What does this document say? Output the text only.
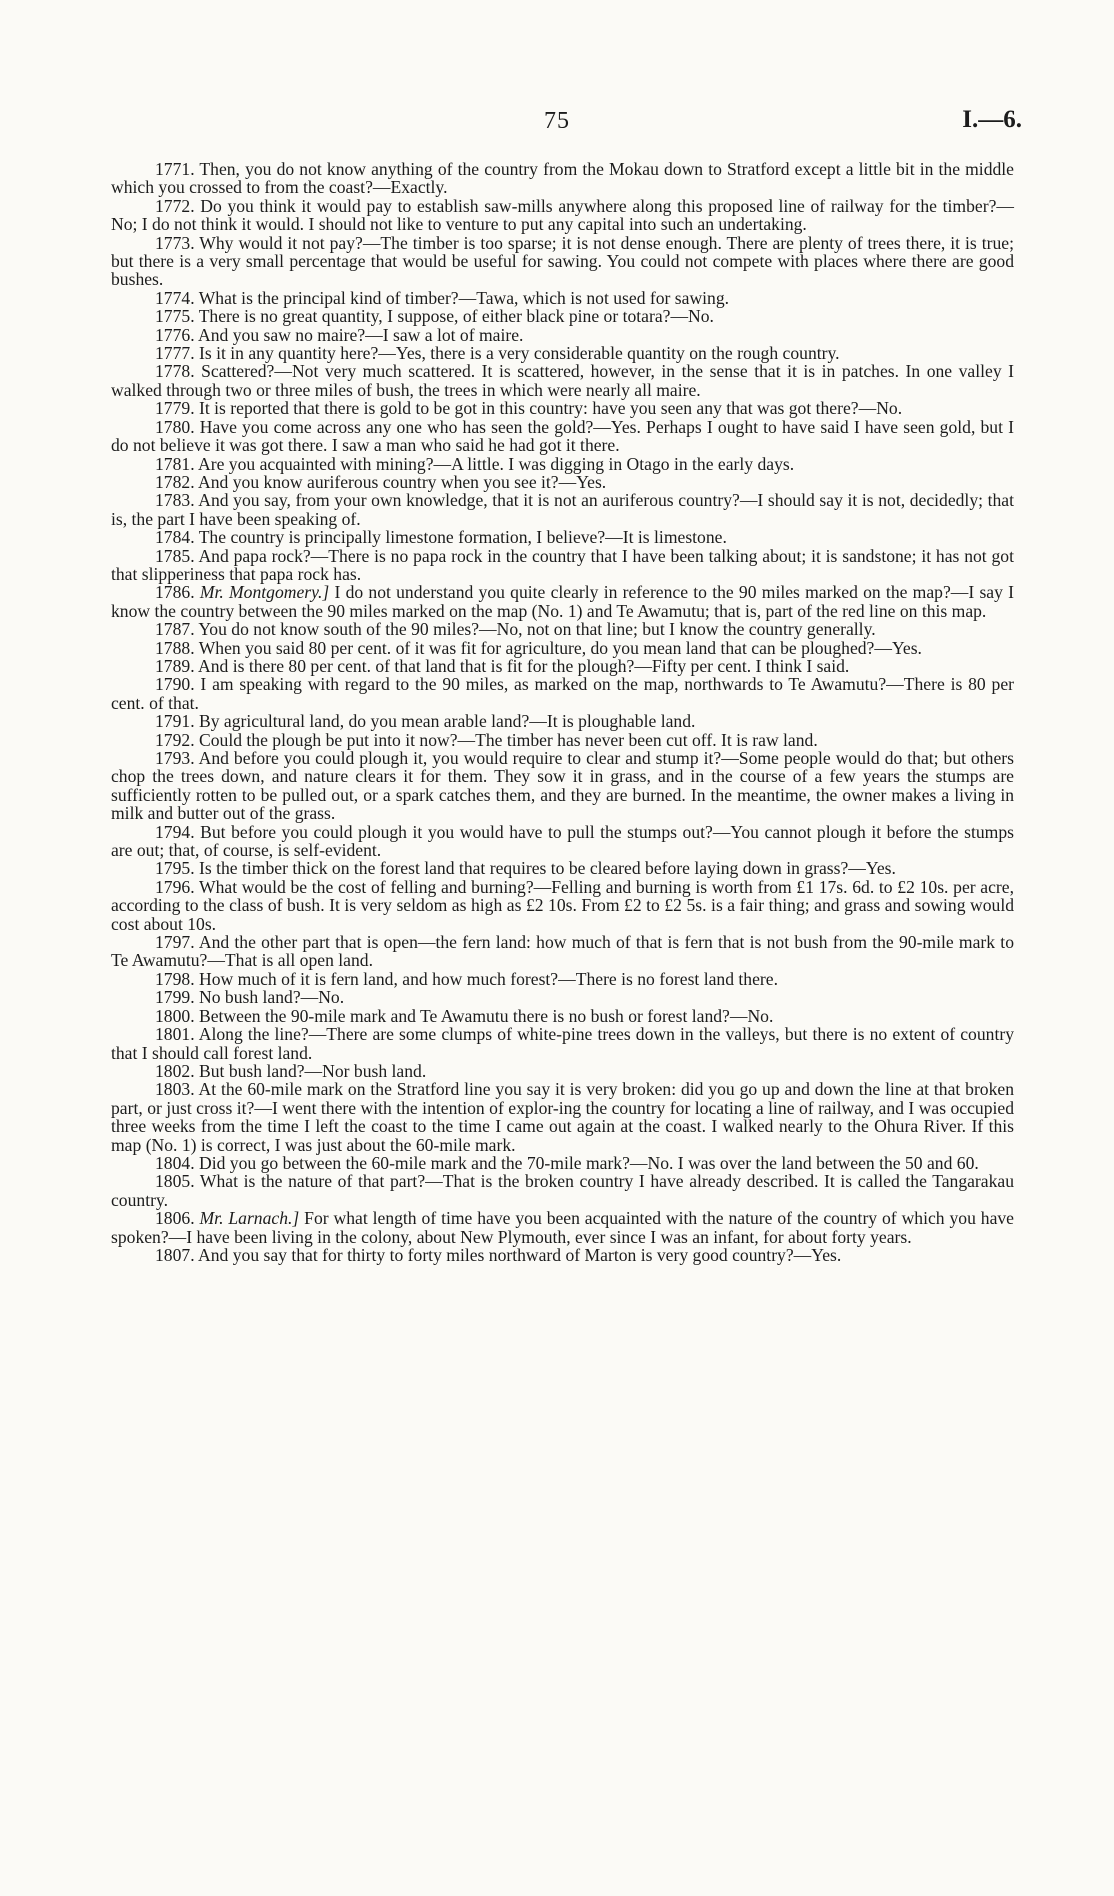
75	I.—6.

1771. Then, you do not know anything of the country from the Mokau down to Stratford except a little bit in the middle which you crossed to from the coast?—Exactly.

1772. Do you think it would pay to establish saw-mills anywhere along this proposed line of railway for the timber?—No; I do not think it would. I should not like to venture to put any capital into such an undertaking.

1773. Why would it not pay?—The timber is too sparse; it is not dense enough. There are plenty of trees there, it is true; but there is a very small percentage that would be useful for sawing. You could not compete with places where there are good bushes.

1774. What is the principal kind of timber?—Tawa, which is not used for sawing.

1775. There is no great quantity, I suppose, of either black pine or totara?—No.

1776. And you saw no maire?—I saw a lot of maire.

1777. Is it in any quantity here?—Yes, there is a very considerable quantity on the rough country.

1778. Scattered?—Not very much scattered. It is scattered, however, in the sense that it is in patches. In one valley I walked through two or three miles of bush, the trees in which were nearly all maire.

1779. It is reported that there is gold to be got in this country: have you seen any that was got there?—No.

1780. Have you come across any one who has seen the gold?—Yes. Perhaps I ought to have said I have seen gold, but I do not believe it was got there. I saw a man who said he had got it there.

1781. Are you acquainted with mining?—A little. I was digging in Otago in the early days.

1782. And you know auriferous country when you see it?—Yes.

1783. And you say, from your own knowledge, that it is not an auriferous country?—I should say it is not, decidedly; that is, the part I have been speaking of.

1784. The country is principally limestone formation, I believe?—It is limestone.

1785. And papa rock?—There is no papa rock in the country that I have been talking about; it is sandstone; it has not got that slipperiness that papa rock has.

1786. Mr. Montgomery.] I do not understand you quite clearly in reference to the 90 miles marked on the map?—I say I know the country between the 90 miles marked on the map (No. 1) and Te Awamutu; that is, part of the red line on this map.

1787. You do not know south of the 90 miles?—No, not on that line; but I know the country generally.

1788. When you said 80 per cent. of it was fit for agriculture, do you mean land that can be ploughed?—Yes.

1789. And is there 80 per cent. of that land that is fit for the plough?—Fifty per cent. I think I said.

1790. I am speaking with regard to the 90 miles, as marked on the map, northwards to Te Awamutu?—There is 80 per cent. of that.

1791. By agricultural land, do you mean arable land?—It is ploughable land.

1792. Could the plough be put into it now?—The timber has never been cut off. It is raw land.

1793. And before you could plough it, you would require to clear and stump it?—Some people would do that; but others chop the trees down, and nature clears it for them. They sow it in grass, and in the course of a few years the stumps are sufficiently rotten to be pulled out, or a spark catches them, and they are burned. In the meantime, the owner makes a living in milk and butter out of the grass.

1794. But before you could plough it you would have to pull the stumps out?—You cannot plough it before the stumps are out; that, of course, is self-evident.

1795. Is the timber thick on the forest land that requires to be cleared before laying down in grass?—Yes.

1796. What would be the cost of felling and burning?—Felling and burning is worth from £1 17s. 6d. to £2 10s. per acre, according to the class of bush. It is very seldom as high as £2 10s. From £2 to £2 5s. is a fair thing; and grass and sowing would cost about 10s.

1797. And the other part that is open—the fern land: how much of that is fern that is not bush from the 90-mile mark to Te Awamutu?—That is all open land.

1798. How much of it is fern land, and how much forest?—There is no forest land there.

1799. No bush land?—No.

1800. Between the 90-mile mark and Te Awamutu there is no bush or forest land?—No.

1801. Along the line?—There are some clumps of white-pine trees down in the valleys, but there is no extent of country that I should call forest land.

1802. But bush land?—Nor bush land.

1803. At the 60-mile mark on the Stratford line you say it is very broken: did you go up and down the line at that broken part, or just cross it?—I went there with the intention of explor-ing the country for locating a line of railway, and I was occupied three weeks from the time I left the coast to the time I came out again at the coast. I walked nearly to the Ohura River. If this map (No. 1) is correct, I was just about the 60-mile mark.

1804. Did you go between the 60-mile mark and the 70-mile mark?—No. I was over the land between the 50 and 60.

1805. What is the nature of that part?—That is the broken country I have already described. It is called the Tangarakau country.

1806. Mr. Larnach.] For what length of time have you been acquainted with the nature of the country of which you have spoken?—I have been living in the colony, about New Plymouth, ever since I was an infant, for about forty years.

1807. And you say that for thirty to forty miles northward of Marton is very good country?—Yes.
